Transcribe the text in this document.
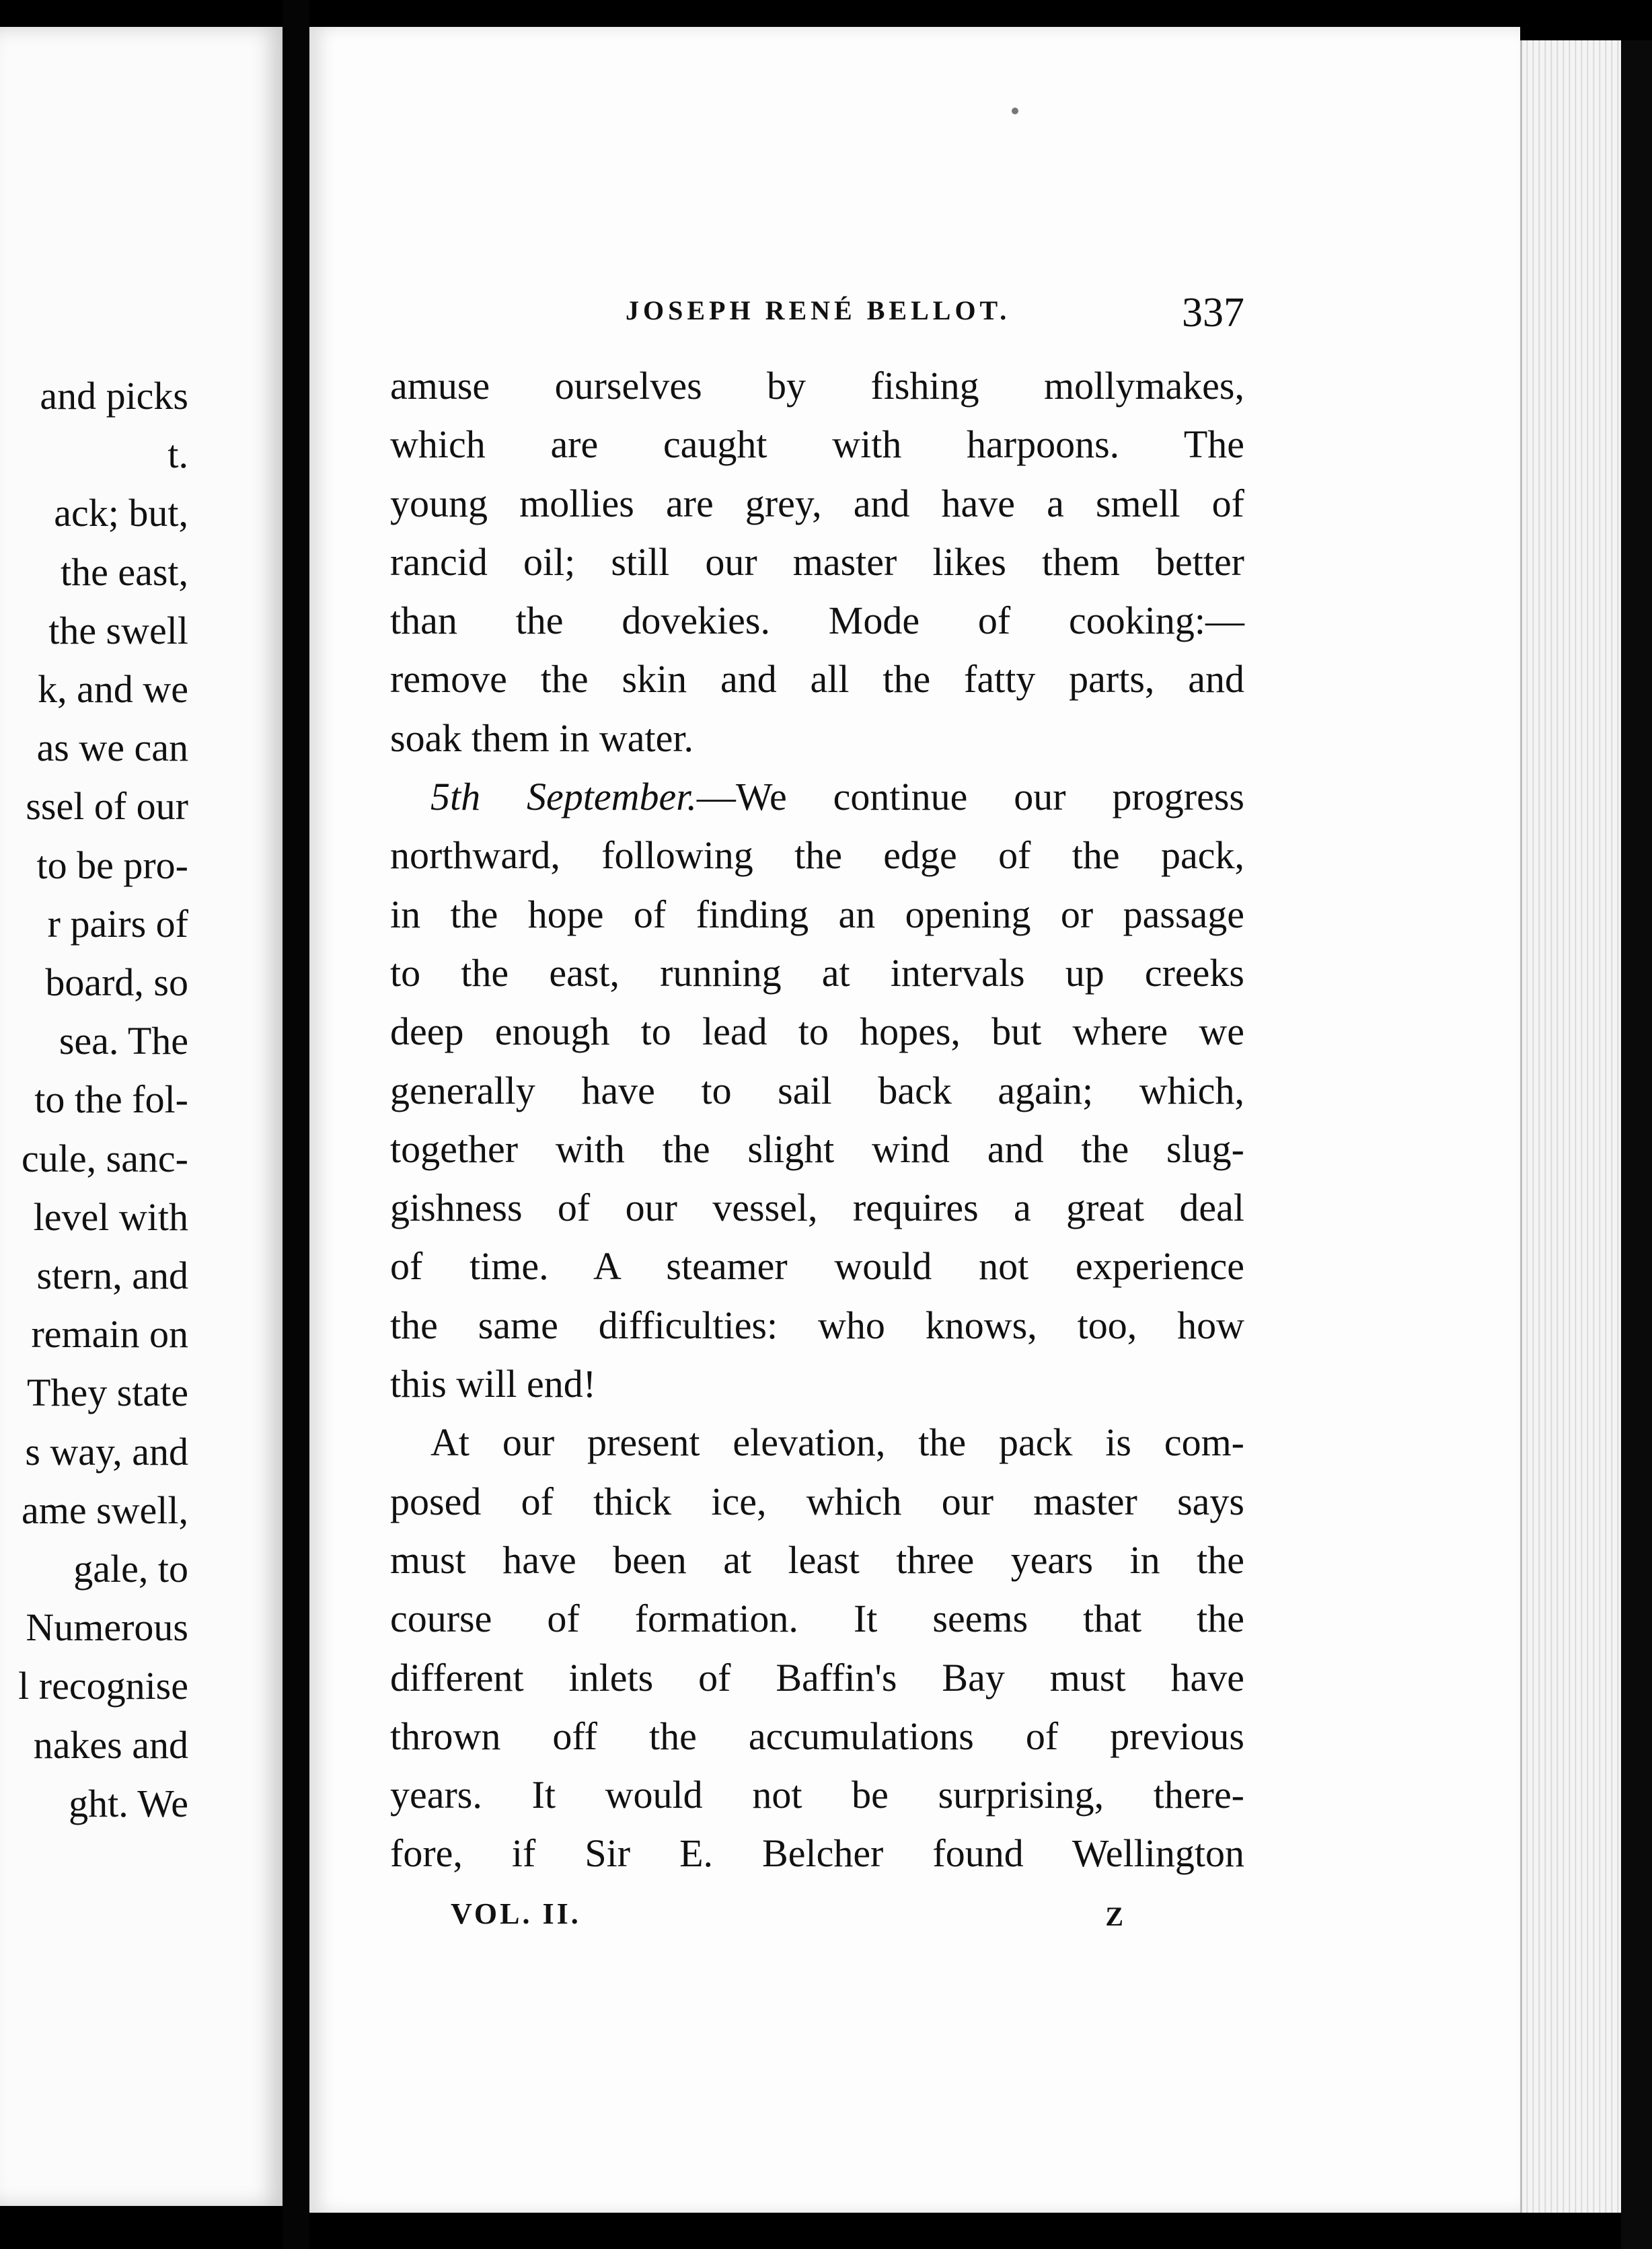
and picks
t.
ack; but,
the east,
the swell
k, and we
as we can
ssel of our
to be pro-
r pairs of
board, so
sea. The
to the fol-
cule, sanc-
level with
stern, and
remain on
They state
s way, and
ame swell,
gale, to
Numerous
l recognise
nakes and
ght. We
JOSEPH RENÉ BELLOT.	337
amuse ourselves by fishing mollymakes,
which are caught with harpoons. The
young mollies are grey, and have a smell of
rancid oil; still our master likes them better
than the dovekies. Mode of cooking:—
remove the skin and all the fatty parts, and
soak them in water.
5th September.—We continue our progress
northward, following the edge of the pack,
in the hope of finding an opening or passage
to the east, running at intervals up creeks
deep enough to lead to hopes, but where we
generally have to sail back again; which,
together with the slight wind and the slug-
gishness of our vessel, requires a great deal
of time. A steamer would not experience
the same difficulties: who knows, too, how
this will end!
At our present elevation, the pack is com-
posed of thick ice, which our master says
must have been at least three years in the
course of formation. It seems that the
different inlets of Baffin's Bay must have
thrown off the accumulations of previous
years. It would not be surprising, there-
fore, if Sir E. Belcher found Wellington
VOL. II.	Z
